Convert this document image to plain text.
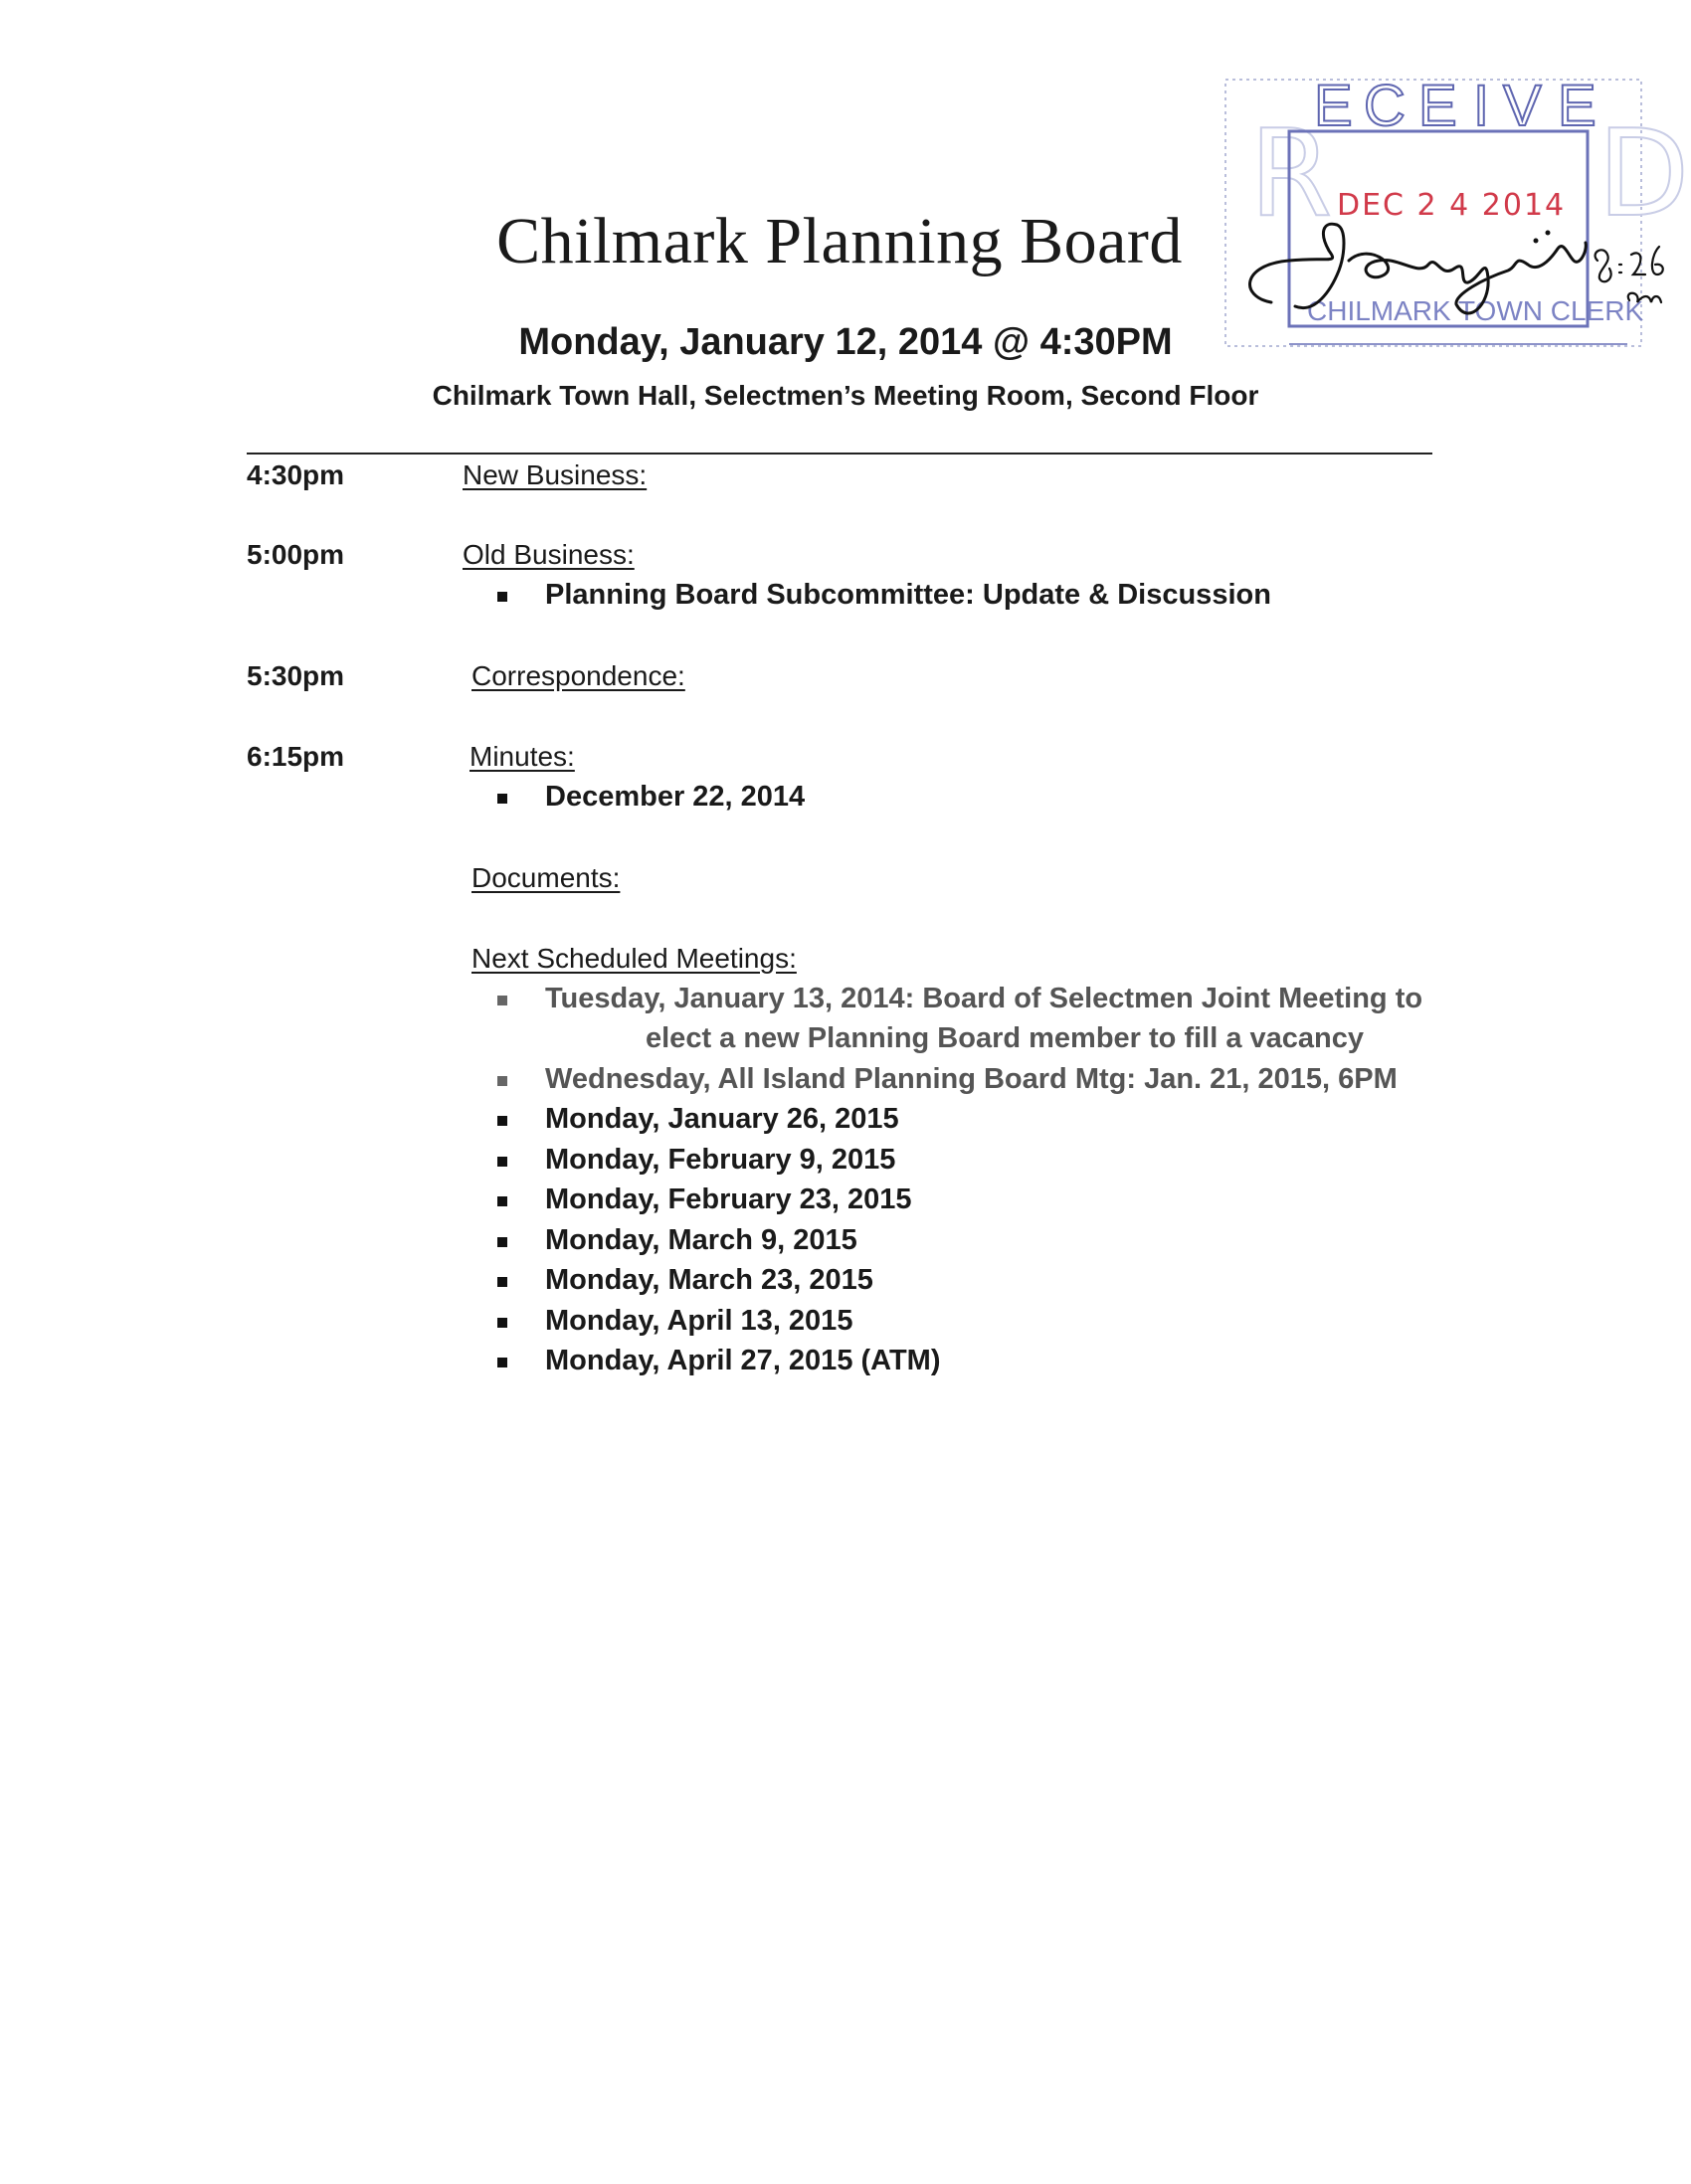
R D
E C E I V E
DEC 2 4 2014
CHILMARK TOWN CLERK
Chilmark Planning Board
Monday, January 12, 2014 @ 4:30PM
Chilmark Town Hall, Selectmen’s Meeting Room, Second Floor
4:30pm	New Business:
5:00pm	Old Business:
Planning Board Subcommittee: Update & Discussion
5:30pm	Correspondence:
6:15pm	Minutes:
December 22, 2014
Documents:
Next Scheduled Meetings:
Tuesday, January 13, 2014: Board of Selectmen Joint Meeting to
elect a new Planning Board member to fill a vacancy
Wednesday, All Island Planning Board Mtg: Jan. 21, 2015, 6PM
Monday, January 26, 2015
Monday, February 9, 2015
Monday, February 23, 2015
Monday, March 9, 2015
Monday, March 23, 2015
Monday, April 13, 2015
Monday, April 27, 2015 (ATM)
